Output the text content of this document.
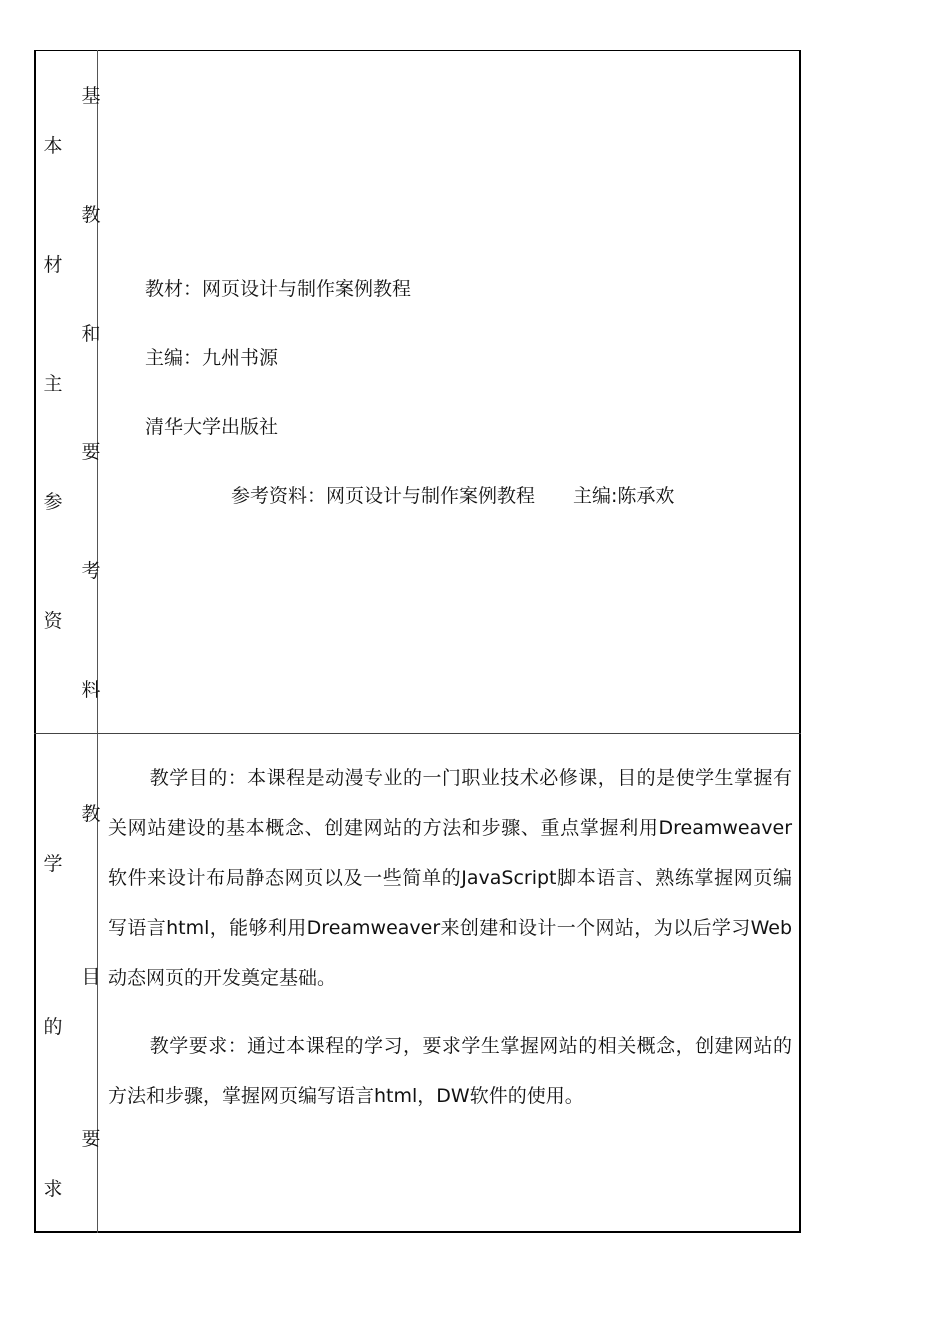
本
材
主
参
资
基
教
和
要
考
料
教材：网页设计与制作案例教程
主编：九州书源
清华大学出版社
参考资料：网页设计与制作案例教程　　主编:陈承欢
学
的
求
教
目
要

教学目的：本课程是动漫专业的一门职业技术必修课，目的是使学生掌握有关网站建设的基本概念、创建网站的方法和步骤、重点掌握利用Dreamweaver软件来设计布局静态网页以及一些简单的JavaScript脚本语言、熟练掌握网页编写语言html，能够利用Dreamweaver来创建和设计一个网站，为以后学习Web动态网页的开发奠定基础。

教学要求：通过本课程的学习，要求学生掌握网站的相关概念，创建网站的方法和步骤，掌握网页编写语言html，DW软件的使用。
